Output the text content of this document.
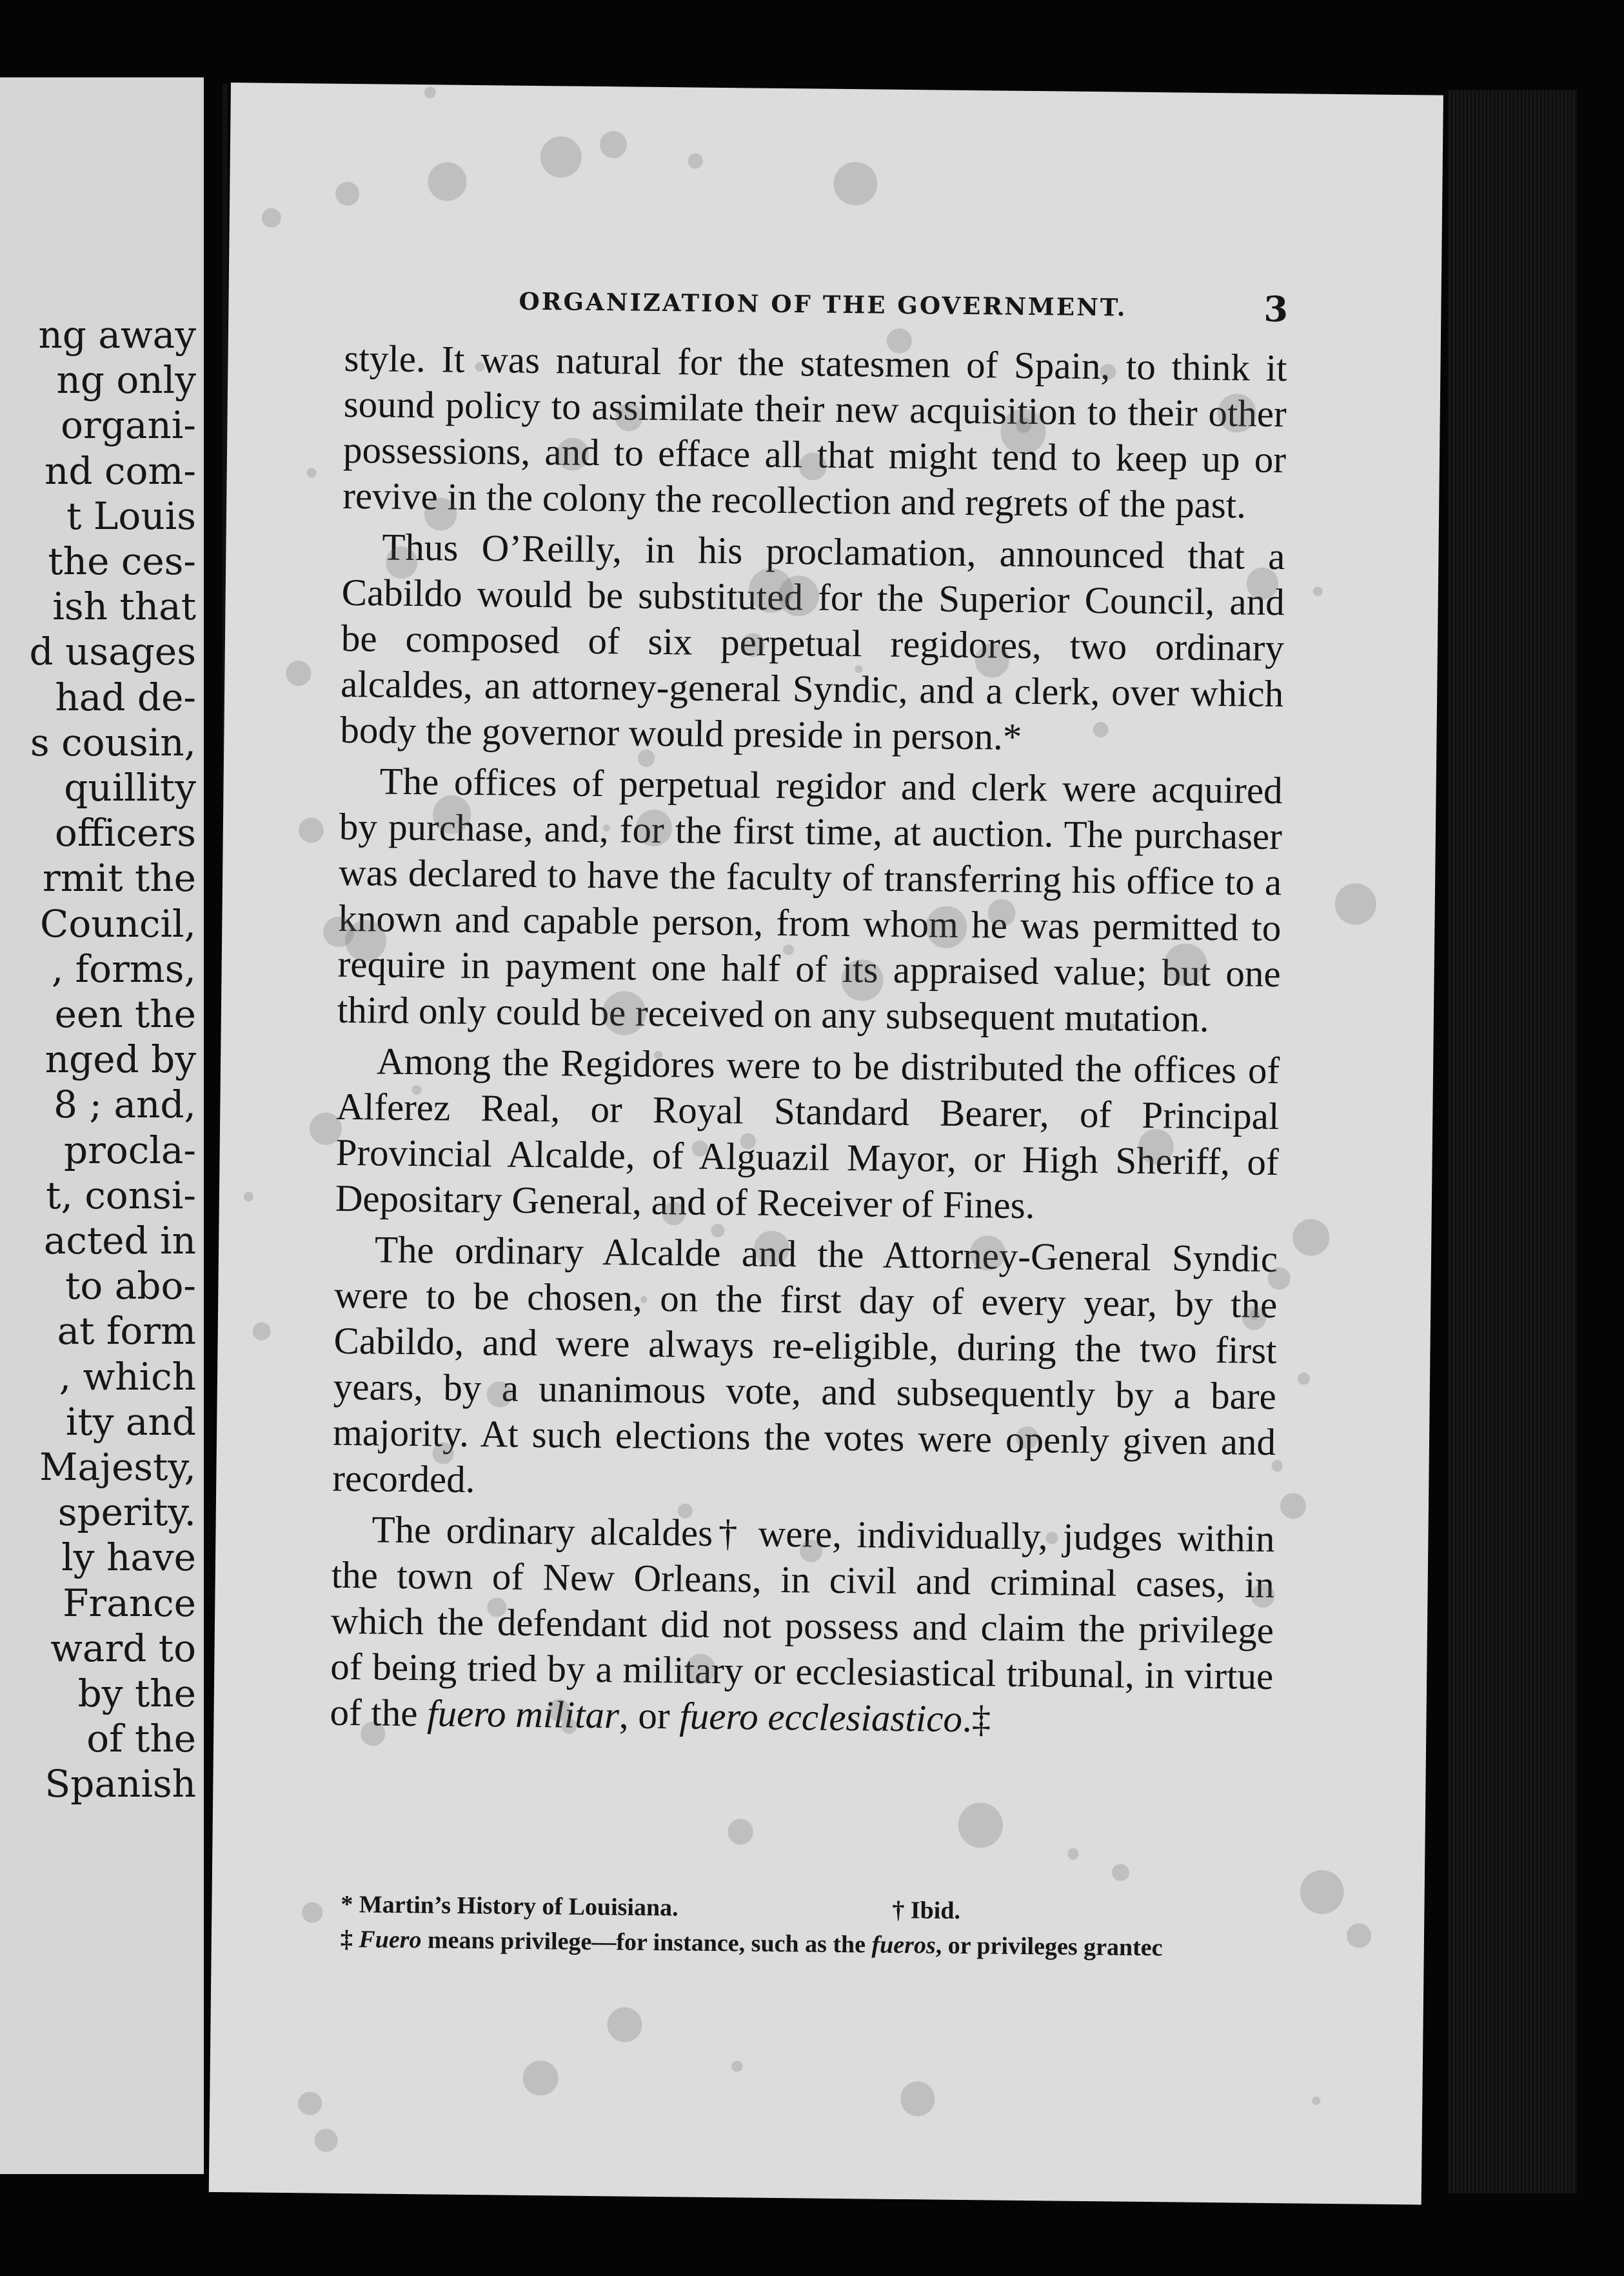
ng away
ng only
organi-
nd com-
t Louis
the ces-
ish that
d usages
had de-
s cousin,
quillity
officers
rmit the
Council,
, forms,
een the
nged by
8 ; and,
procla-
t, consi-
acted in
to abo-
at form
, which
ity and
Majesty,
sperity.
ly have
France
ward to
by the
of the
Spanish
ORGANIZATION OF THE GOVERNMENT.	3

style. It was natural for the statesmen of Spain, to think it sound policy to assimilate their new acquisition to their other possessions, and to efface all that might tend to keep up or revive in the colony the recollection and regrets of the past.

Thus O’Reilly, in his proclamation, announced that a Cabildo would be substituted for the Superior Council, and be composed of six perpetual regidores, two ordinary alcaldes, an attorney-general Syndic, and a clerk, over which body the governor would preside in person.*

The offices of perpetual regidor and clerk were acquired by purchase, and, for the first time, at auction. The purchaser was declared to have the faculty of transferring his office to a known and capable person, from whom he was permitted to require in payment one half of its appraised value; but one third only could be received on any subsequent mutation.

Among the Regidores were to be distributed the offices of Alferez Real, or Royal Standard Bearer, of Principal Provincial Alcalde, of Alguazil Mayor, or High Sheriff, of Depositary General, and of Receiver of Fines.

The ordinary Alcalde and the Attorney-General Syndic were to be chosen, on the first day of every year, by the Cabildo, and were always re-eligible, during the two first years, by a unanimous vote, and subsequently by a bare majority. At such elections the votes were openly given and recorded.

The ordinary alcaldes† were, individually, judges within the town of New Orleans, in civil and criminal cases, in which the defendant did not possess and claim the privilege of being tried by a military or ecclesiastical tribunal, in virtue of the fuero militar, or fuero ecclesiastico.‡

* Martin’s History of Louisiana.	† Ibid.
‡ Fuero means privilege—for instance, such as the fueros, or privileges grantec
